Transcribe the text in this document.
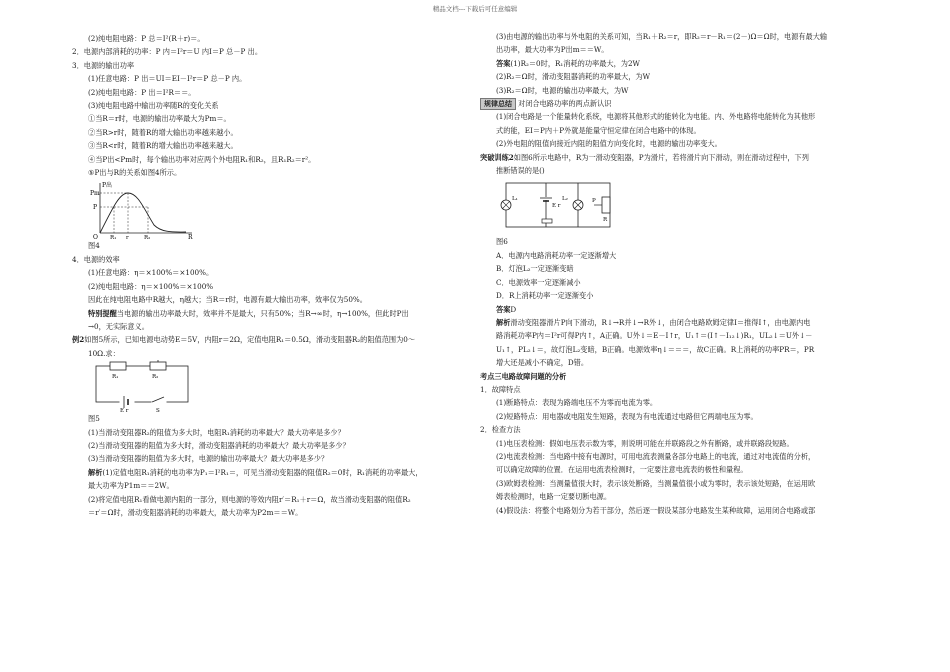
精品文档---下载后可任意编辑
(2)纯电阻电路：P 总＝I²(R＋r)＝。
2．电源内部消耗的功率：P 内＝I²r＝U 内I＝P 总－P 出。
3．电源的输出功率
(1)任意电路：P 出＝UI＝EI－I²r＝P 总－P 内。
(2)纯电阻电路：P 出＝I²R＝＝。
(3)纯电阻电路中输出功率随R的变化关系
①当R＝r时，电源的输出功率最大为Pm＝。
②当R>r时，随着R的增大输出功率越来越小。
③当R<r时，随着R的增大输出功率越来越大。
④当P出<Pm时，每个输出功率对应两个外电阻R₁和R₂，且R₁R₂＝r²。
⑤P出与R的关系如图4所示。
P出
Pm
P
O R₁ r	R₂	R
图4
4．电源的效率
(1)任意电路：η＝×100%＝×100%。
(2)纯电阻电路：η＝×100%＝×100%
因此在纯电阻电路中R越大，η越大；当R＝r时，电源有最大输出功率，效率仅为50%。
特别提醒当电源的输出功率最大时，效率并不是最大，只有50%；当R→∞时，η→100%，但此时P出
→0，无实际意义。
例2如图5所示，已知电源电动势E＝5V，内阻r＝2Ω，定值电阻R₁＝0.5Ω，滑动变阻器R₂的阻值范围为0～
10Ω.求：
R₁	R₂
E r	S
图5
(1)当滑动变阻器R₂的阻值为多大时，电阻R₁消耗的功率最大？最大功率是多少？
(2)当滑动变阻器的阻值为多大时，滑动变阻器消耗的功率最大？最大功率是多少？
(3)当滑动变阻器的阻值为多大时，电源的输出功率最大？最大功率是多少？
解析(1)定值电阻R₁消耗的电功率为P₁＝I²R₁＝，可见当滑动变阻器的阻值R₂＝0时，R₁消耗的功率最大，
最大功率为P1m＝＝2W。
(2)将定值电阻R₁看做电源内阻的一部分，则电源的等效内阻r′＝R₁＋r＝Ω，故当滑动变阻器的阻值R₂
＝r′＝Ω时，滑动变阻器消耗的功率最大，最大功率为P2m＝＝W。
(3)由电源的输出功率与外电阻的关系可知，当R₁＋R₂＝r，即R₂＝r－R₁＝(2－)Ω＝Ω时，电源有最大输
出功率，最大功率为P出m＝＝W。
答案(1)R₂＝0时，R₁消耗的功率最大，为2W
(2)R₂＝Ω时，滑动变阻器消耗的功率最大，为W
(3)R₂＝Ω时，电源的输出功率最大，为W
规律总结 对闭合电路功率的两点新认识
(1)闭合电路是一个能量转化系统，电源将其他形式的能转化为电能。内、外电路将电能转化为其他形
式的能，EI＝P内＋P外就是能量守恒定律在闭合电路中的体现。
(2)外电阻的阻值向接近内阻的阻值方向变化时，电源的输出功率变大。
突破训练2如图6所示电路中，R为一滑动变阻器，P为滑片，若将滑片向下滑动，则在滑动过程中，下列
推断错误的是()
L₁
E r
L₂	P
R
图6
A．电源内电路消耗功率一定逐渐增大
B．灯泡L₂一定逐渐变暗
C．电源效率一定逐渐减小
D．R上消耗功率一定逐渐变小
答案D
解析滑动变阻器滑片P向下滑动，R↓→R并↓→R外↓，由闭合电路欧姆定律I＝推得I↑，由电源内电
路消耗功率P内＝I²r可得P内↑，A正确。U外↓＝E－I↑r，U₁↑＝(I↑－I₁₂↓)R₁，UL₂↓＝U外↓－
U₁↑，PL₂↓＝，故灯泡L₂变暗，B正确。电源效率η↓＝＝＝，故C正确。R上消耗的功率PR＝，PR
增大还是减小不确定，D错。
考点三电路故障问题的分析
1．故障特点
(1)断路特点：表现为路端电压不为零而电流为零。
(2)短路特点：用电器或电阻发生短路，表现为有电流通过电路但它两端电压为零。
2．检查方法
(1)电压表检测：假如电压表示数为零，则说明可能在并联路段之外有断路，或并联路段短路。
(2)电流表检测：当电路中接有电源时，可用电流表测量各部分电路上的电流，通过对电流值的分析，
可以确定故障的位置．在运用电流表检测时，一定要注意电流表的极性和量程。
(3)欧姆表检测：当测量值很大时，表示该处断路，当测量值很小或为零时，表示该处短路，在运用欧
姆表检测时，电路一定要切断电源。
(4)假设法：将整个电路划分为若干部分，然后逐一假设某部分电路发生某种故障，运用闭合电路或部
